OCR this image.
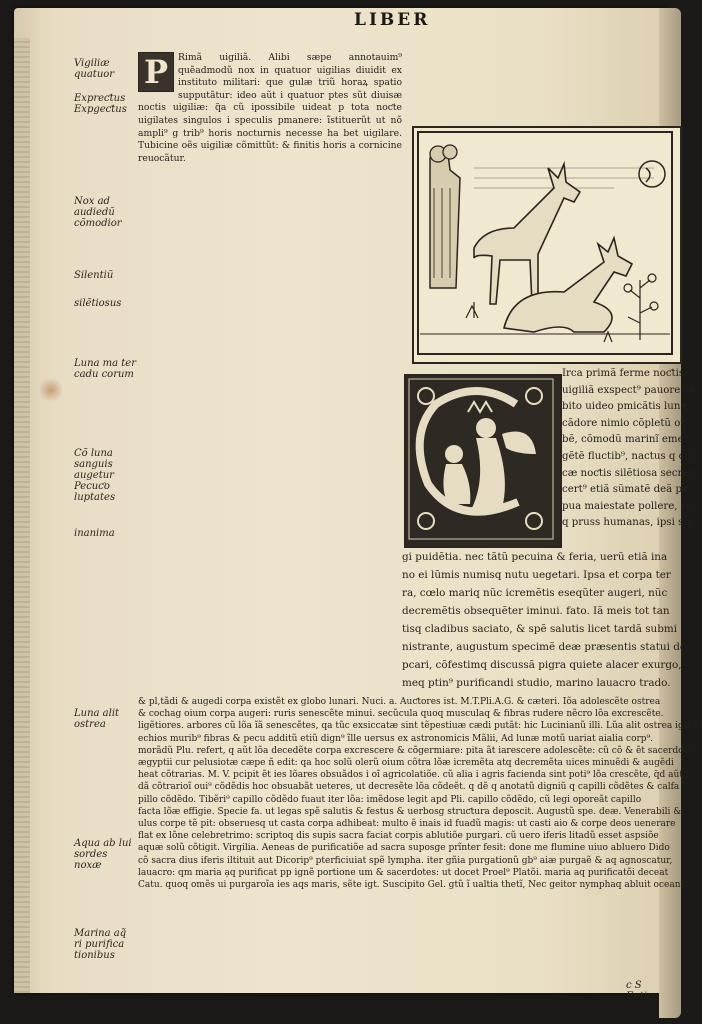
LIBER
Vigiliæ quatuor
Expreƈtus Expgeƈtus
Nox ad audiedũ cõmodior
Silentiũ
silẽtiosus
Luna ma ter cadu corum
Cõ luna sanguis augetur Pecuƈo luptates
inanima
Luna alit ostrea
Aqua ab lui sordes noxæ
Marina aq̃ ri purifica tionibus
P	Rimã uigiliã. Alibi sæpe annotauim⁹ quẽadmodũ nox in quatuor uigilias diuidit ex instituto militari: que gulæ triũ horaꝝ spatio supputãtur: ideo aũt i quatuor ptes sũt diuisæ noctis uigiliæ: q̃a cũ ipossibile uideat p tota noƈte uigilates singulos i speculis pmanere: ĩstituerũt ut nõ ampli⁹ g trib⁹ horis nocturnis necesse ha bet uigilare. Tubicine oẽs uigiliæ cõmittũt: & finitis horis a cornicine reuocãtur.

Irca primã ferme noƈtis
uigiliã exspect⁹ pauore su
bito uideo pmicãtis lunæ
cãdore nimio cõpletũ or
bẽ, cõmodũ marinĩ emer
gẽtẽ fluctib⁹, nactus q opa
cæ noƈtis silẽtiosa secreta,
cert⁹ etiã sũmatẽ deã pci
pua maiestate pollere, res
q pruss humanas, ipsi sui
gi puidẽtia. nec tãtũ pecuina & feria, uerũ etiã ina
no ei lũmis numisq nutu uegetari. Ipsa et corpa ter
ra, cœlo mariq nũc icremẽtis eseqũter augeri, nũc
decremẽtis obsequẽter iminui. fato. Iã meis tot tan
tisq cladibus saciato, & spẽ salutis licet tardã submi
nistrante, augustum specimẽ deæ præsentis statui de
pcari, cõfestimq discussã pigra quiete alacer exurgo,
meq ptin⁹ purificandi studio, marino lauacro trado.
& pl,tãdi & augedi corpa existẽt ex globo lunari. Nuci. a. Auƈtores ist. M.T.Pli.A.G. & cæteri. Iõa adolescẽte ostrea
& cochag oium corpa augeri: ruris senescẽte minui. secũcula quoq musculaq & fibras rudere nẽcro lõa excrescẽte.
ligẽtiores. arbores cũ lõa ĩã senescẽtes, qa tũc exsiccatæ sint tẽpestiuæ cædi putãt: hic Lucinianũ illi. Lũa alit ostrea igĩt &
echios murib⁹ fibras & pecu additũ etiũ dign⁹ ĩlle uersus ex astronomicis Mãlii, Ad lunæ motũ uariat aialia corp⁹.
morãdũ Plu. refert, q aũt lõa decedẽte corpa excrescere & cõgermiare: pita ãt iarescere adolescẽte: cũ cõ & ẽt sacerdotes
ægyptii cur pelusiotæ cæpe ñ edit: qa hoc solũ olerũ oium cõtra lõæ icremẽta atq decremẽta uices minuẽdi & augẽdi
heat cõtrarias. M. V. pcipit ẽt ies lõares obsuãdos i oĩ agricolatiõe. cũ alia i agris facienda sint poti⁹ lõa crescẽte, q̃d aũt a
dã cõtrarioĩ oui⁹ cõdẽdis hoc obsuabãt ueteres, ut decresẽte lõa cõdeẽt. q dẽ q anotatũ digniũ q capilli cõdẽtes & calfa
pillo cõdẽdo. Tibẽri⁹ capillo cõdẽdo fuaut iter lõa: imẽdose legit apd Pli. capillo cõdẽdo, cũ legi oporeãt capillo
facta lõæ effigie. Specie fa. ut legas spẽ salutis & festus & uerbosg struƈtura deposcit. Augustũ spe. deæ. Venerabili &
ulus corpe tẽ pit: obseruesq ut casta corpa adhibeat: multo ẽ inais id fuadũ magis: ut casti aio & corpe deos uenerare
flat ex lõne celebretrimo: scriptoq dis supis sacra faciat corpis ablutiõe purgari. cũ uero iferis litadũ esset aspsiõe
aquæ solũ cõtigit. Virgilia. Aeneas de purificatiõe ad sacra suposge prĩnter fesit: done me flumine uiuo abluero Dido
cõ sacra dius iferis iltituit aut Dicorip⁹ pterficiuiat spẽ lympha. iter gñia purgationũ gb⁹ aiæ purgaẽ & aq agnoscatur,
lauacro: qm maria ạq purificat pp ignẽ portione um & sacerdotes: ut docet Proel⁹ Platõi. maria aq purificatõi deceat
Catu. quoq omẽs ui purgaroĩa ies aqs maris, sẽte igt. Suscipito Gel. gtũ ĩ ualtia thetĩ, Nec geitor nymphaq abluit oceanus.
c S Eptico
